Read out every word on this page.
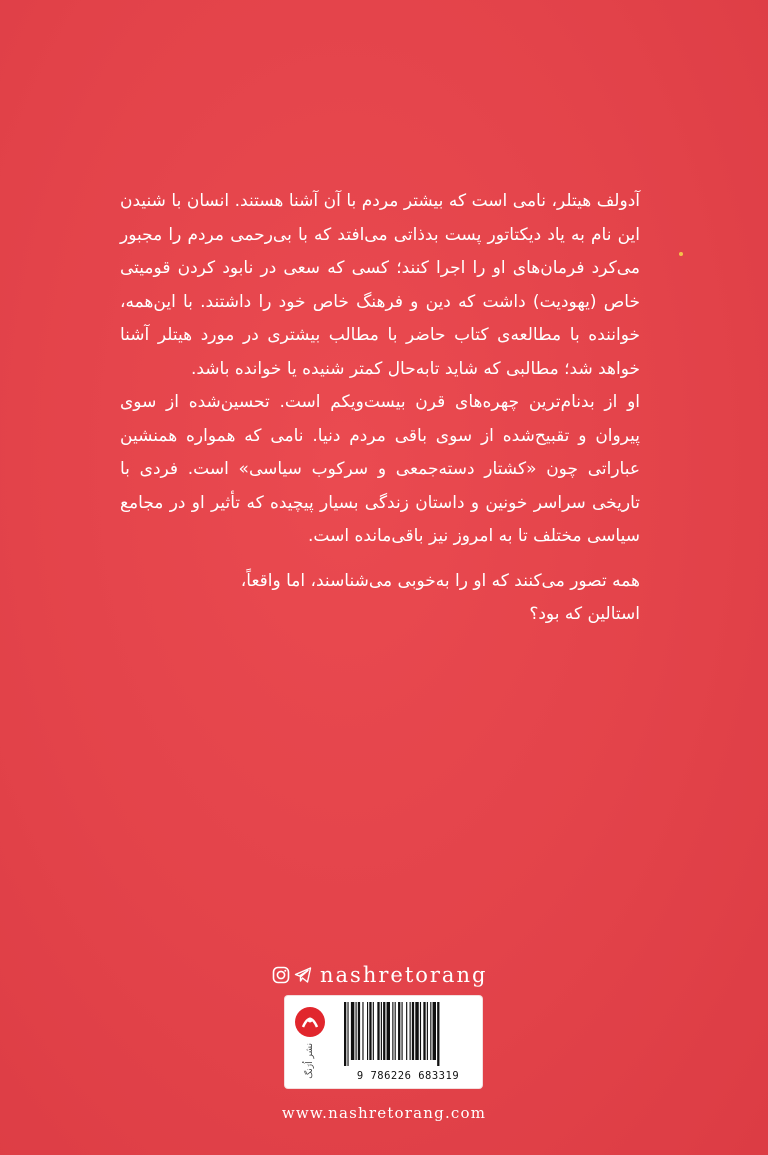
آدولف هیتلر، نامی است که بیشتر مردم با آن آشنا هستند. انسان با شنیدن این نام به یاد دیکتاتور پست بدذاتی می‌افتد که با بی‌رحمی مردم را مجبور می‌کرد فرمان‌های او را اجرا کنند؛ کسی که سعی در نابود کردن قومیتی خاص (یهودیت) داشت که دین و فرهنگ خاص خود را داشتند. با این‌همه، خواننده با مطالعه‌ی کتاب حاضر با مطالب بیشتری در مورد هیتلر آشنا خواهد شد؛ مطالبی که شاید تابه‌حال کمتر شنیده یا خوانده باشد.

او از بدنام‌ترین چهره‌های قرن بیست‌ویکم است. تحسین‌شده از سوی پیروان و تقبیح‌شده از سوی باقی مردم دنیا. نامی که همواره همنشین عباراتی چون «کشتار دسته‌جمعی و سرکوب سیاسی» است. فردی با تاریخی سراسر خونین و داستان زندگی بسیار پیچیده که تأثیر او در مجامع سیاسی مختلف تا به امروز نیز باقی‌مانده است.

همه تصور می‌کنند که او را به‌خوبی می‌شناسند، اما واقعاً،

استالین که بود؟

nashretorang
نشر اُرَنگ	9 786226 683319
www.nashretorang.com
